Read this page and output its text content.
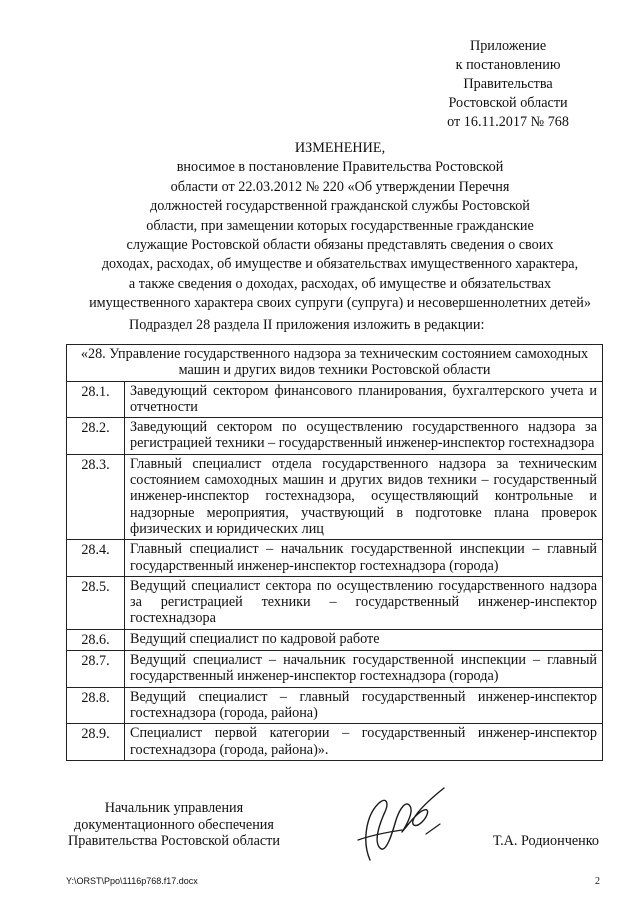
Приложение
к постановлению
Правительства
Ростовской области
от 16.11.2017 № 768
ИЗМЕНЕНИЕ,
вносимое в постановление Правительства Ростовской
области от 22.03.2012 № 220 «Об утверждении Перечня
должностей государственной гражданской службы Ростовской
области, при замещении которых государственные гражданские
служащие Ростовской области обязаны представлять сведения о своих
доходах, расходах, об имуществе и обязательствах имущественного характера,
а также сведения о доходах, расходах, об имуществе и обязательствах
имущественного характера своих супруги (супруга) и несовершеннолетних детей»
Подраздел 28 раздела II приложения изложить в редакции:
«28. Управление государственного надзора за техническим состоянием самоходных машин и других видов техники Ростовской области	
28.1.	Заведующий сектором финансового планирования, бухгалтерского учета и отчетности
28.2.	Заведующий сектором по осуществлению государственного надзора за регистрацией техники – государственный инженер-инспектор гостехнадзора
28.3.	Главный специалист отдела государственного надзора за техническим состоянием самоходных машин и других видов техники – государственный инженер-инспектор гостехнадзора, осуществляющий контрольные и надзорные мероприятия, участвующий в подготовке плана проверок физических и юридических лиц
28.4.	Главный специалист – начальник государственной инспекции – главный государственный инженер-инспектор гостехнадзора (города)
28.5.	Ведущий специалист сектора по осуществлению государственного надзора за регистрацией техники – государственный инженер-инспектор гостехнадзора
28.6.	Ведущий специалист по кадровой работе
28.7.	Ведущий специалист – начальник государственной инспекции – главный государственный инженер-инспектор гостехнадзора (города)
28.8.	Ведущий специалист – главный государственный инженер-инспектор гостехнадзора (города, района)
28.9.	Специалист первой категории – государственный инженер-инспектор гостехнадзора (города, района)».
Начальник управления
документационного обеспечения
Правительства Ростовской области	Т.А. Родионченко
Y:\ORST\Ppo\1116p768.f17.docx	2
